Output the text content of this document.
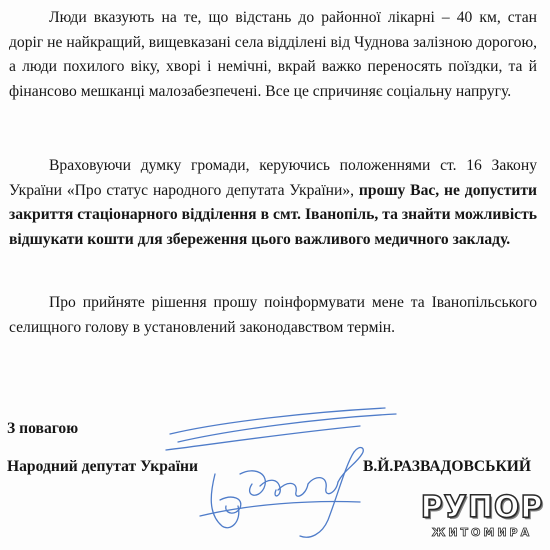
Люди вказують на те, що відстань до районної лікарні – 40 км, стан доріг не найкращий, вищевказані села відділені від Чуднова залізною дорогою, а люди похилого віку, хворі і немічні, вкрай важко переносять поїздки, та й фінансово мешканці малозабезпечені. Все це спричиняє соціальну напругу.

Враховуючи думку громади, керуючись положеннями ст. 16 Закону України «Про статус народного депутата України», прошу Вас, не допустити закриття стаціонарного відділення в смт. Іванопіль, та знайти можливість відшукати кошти для збереження цього важливого медичного закладу.

Про прийняте рішення прошу поінформувати мене та Іванопільського селищного голову в установлений законодавством термін.

З повагою

Народний депутат України	В.Й.РАЗВАДОВСЬКИЙ

РУПОР
ЖИТОМИРА
